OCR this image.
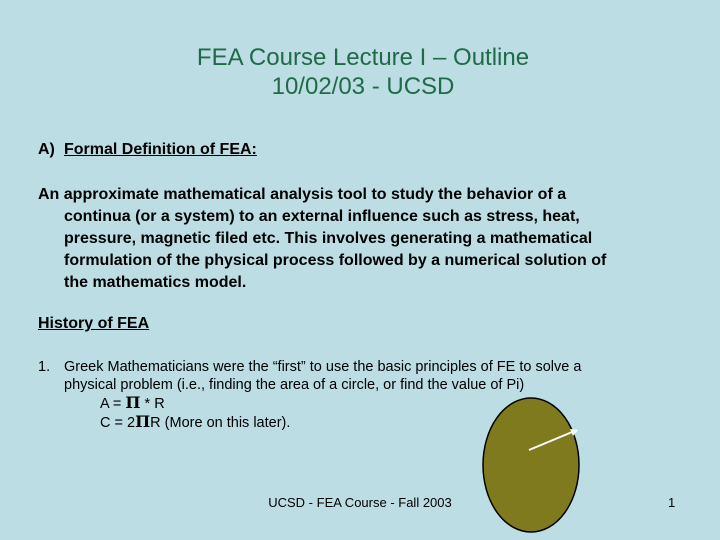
FEA Course Lecture I – Outline
10/02/03 - UCSD
A) Formal Definition of FEA:
An approximate mathematical analysis tool to study the behavior of a
continua (or a system) to an external influence such as stress, heat,
pressure, magnetic filed etc. This involves generating a mathematical
formulation of the physical process followed by a numerical solution of
the mathematics model.
History of FEA
1. Greek Mathematicians were the “first” to use the basic principles of FE to solve a
physical problem (i.e., finding the area of a circle, or find the value of Pi)
A = Π * R
C = 2ΠR (More on this later).
UCSD - FEA Course - Fall 2003	1
